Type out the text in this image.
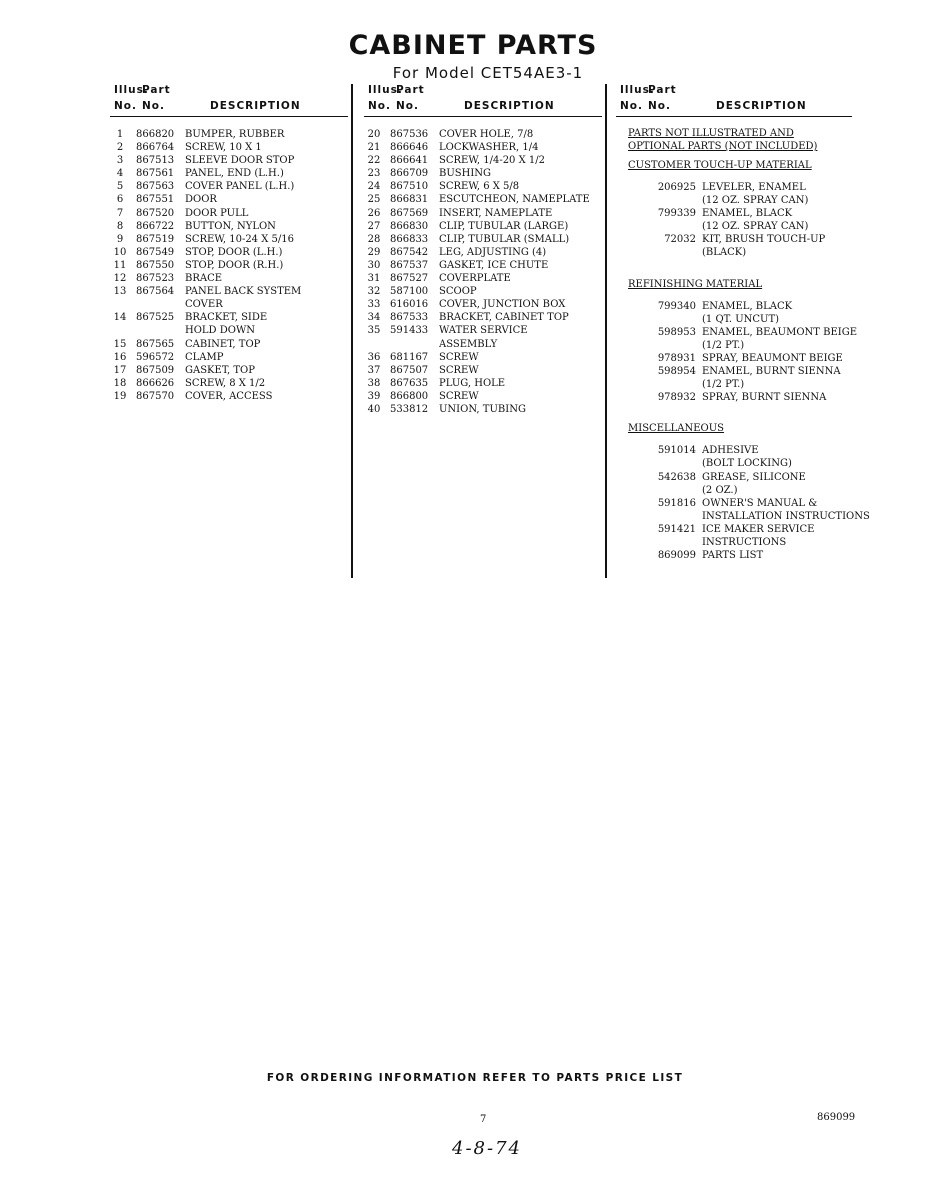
CABINET PARTS
For Model CET54AE3-1
Illus.
Part
No. No.	DESCRIPTION
1	866820 BUMPER, RUBBER
2	866764 SCREW, 10 X 1
3	867513 SLEEVE DOOR STOP
4	867561 PANEL, END (L.H.)
5	867563 COVER PANEL (L.H.)
6	867551 DOOR
7	867520 DOOR PULL
8	866722 BUTTON, NYLON
9	867519 SCREW, 10-24 X 5/16
10 867549 STOP, DOOR (L.H.)
11 867550 STOP, DOOR (R.H.)
12 867523 BRACE
13 867564 PANEL BACK SYSTEM
COVER
14 867525 BRACKET, SIDE
HOLD DOWN
15 867565 CABINET, TOP
16 596572 CLAMP
17 867509 GASKET, TOP
18 866626 SCREW, 8 X 1/2
19 867570 COVER, ACCESS
Illus.
Part
No. No.	DESCRIPTION
20 867536 COVER HOLE, 7/8
21 866646 LOCKWASHER, 1/4
22 866641 SCREW, 1/4-20 X 1/2
23 866709 BUSHING
24 867510 SCREW, 6 X 5/8
25 866831 ESCUTCHEON, NAMEPLATE
26 867569 INSERT, NAMEPLATE
27 866830 CLIP, TUBULAR (LARGE)
28 866833 CLIP, TUBULAR (SMALL)
29 867542 LEG, ADJUSTING (4)
30 867537 GASKET, ICE CHUTE
31 867527 COVERPLATE
32 587100 SCOOP
33 616016 COVER, JUNCTION BOX
34 867533 BRACKET, CABINET TOP
35 591433 WATER SERVICE
ASSEMBLY
36 681167 SCREW
37 867507 SCREW
38 867635 PLUG, HOLE
39 866800 SCREW
40 533812 UNION, TUBING
Illus.
Part
No. No.	DESCRIPTION
PARTS NOT ILLUSTRATED AND
OPTIONAL PARTS (NOT INCLUDED)
CUSTOMER TOUCH-UP MATERIAL
206925 LEVELER, ENAMEL
(12 OZ. SPRAY CAN)
799339 ENAMEL, BLACK
(12 OZ. SPRAY CAN)
72032 KIT, BRUSH TOUCH-UP
(BLACK)
REFINISHING MATERIAL
799340 ENAMEL, BLACK
(1 QT. UNCUT)
598953 ENAMEL, BEAUMONT BEIGE
(1/2 PT.)
978931 SPRAY, BEAUMONT BEIGE
598954 ENAMEL, BURNT SIENNA
(1/2 PT.)
978932 SPRAY, BURNT SIENNA
MISCELLANEOUS
591014 ADHESIVE
(BOLT LOCKING)
542638 GREASE, SILICONE
(2 OZ.)
591816 OWNER'S MANUAL &
INSTALLATION INSTRUCTIONS
591421 ICE MAKER SERVICE
INSTRUCTIONS
869099 PARTS LIST
FOR ORDERING INFORMATION REFER TO PARTS PRICE LIST
7	869099
4-8-74
